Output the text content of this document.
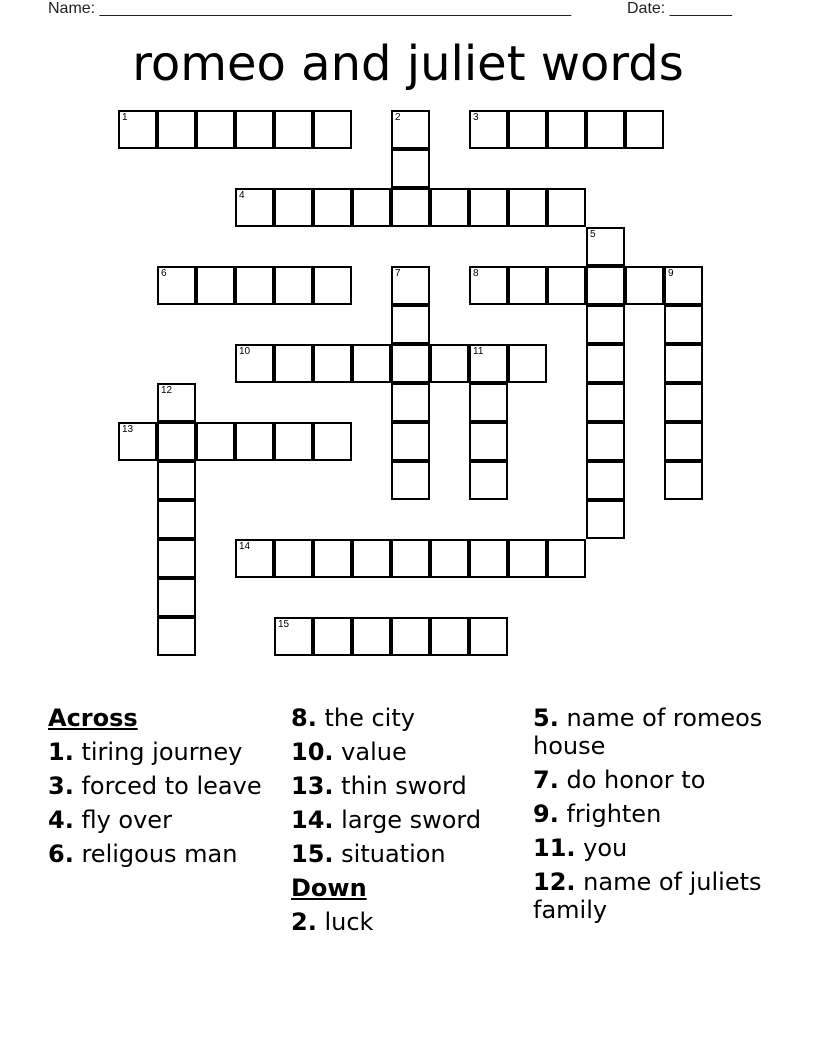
Name: _____________________________________________________	Date: _______
romeo and juliet words
1	2	3
4
5
6	7	8	9
10	11
12
13
14
15
Across
1. tiring journey
3. forced to leave
4. fly over
6. religous man
8. the city
10. value
13. thin sword
14. large sword
15. situation
Down
2. luck
5. name of romeos house
7. do honor to
9. frighten
11. you
12. name of juliets family
